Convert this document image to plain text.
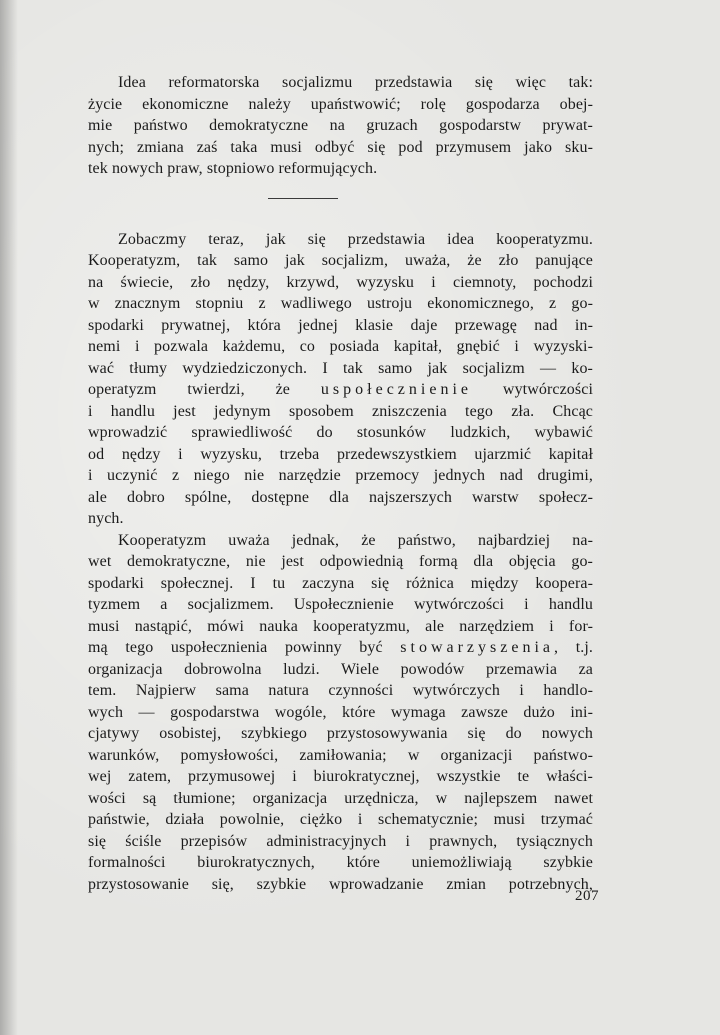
Idea reformatorska socjalizmu przedstawia się więc tak:
życie ekonomiczne należy upaństwowić; rolę gospodarza obej-
mie państwo demokratyczne na gruzach gospodarstw prywat-
nych; zmiana zaś taka musi odbyć się pod przymusem jako sku-
tek nowych praw, stopniowo reformujących.

Zobaczmy teraz, jak się przedstawia idea kooperatyzmu.
Kooperatyzm, tak samo jak socjalizm, uważa, że zło panujące
na świecie, zło nędzy, krzywd, wyzysku i ciemnoty, pochodzi
w znacznym stopniu z wadliwego ustroju ekonomicznego, z go-
spodarki prywatnej, która jednej klasie daje przewagę nad in-
nemi i pozwala każdemu, co posiada kapitał, gnębić i wyzyski-
wać tłumy wydziedziczonych. I tak samo jak socjalizm — ko-
operatyzm twierdzi, że uspołecznienie wytwórczości
i handlu jest jedynym sposobem zniszczenia tego zła. Chcąc
wprowadzić sprawiedliwość do stosunków ludzkich, wybawić
od nędzy i wyzysku, trzeba przedewszystkiem ujarzmić kapitał
i uczynić z niego nie narzędzie przemocy jednych nad drugimi,
ale dobro spólne, dostępne dla najszerszych warstw społecz-
nych.

Kooperatyzm uważa jednak, że państwo, najbardziej na-
wet demokratyczne, nie jest odpowiednią formą dla objęcia go-
spodarki społecznej. I tu zaczyna się różnica między koopera-
tyzmem a socjalizmem. Uspołecznienie wytwórczości i handlu
musi nastąpić, mówi nauka kooperatyzmu, ale narzędziem i for-
mą tego uspołecznienia powinny być stowarzyszenia, t.j.
organizacja dobrowolna ludzi. Wiele powodów przemawia za
tem. Najpierw sama natura czynności wytwórczych i handlo-
wych — gospodarstwa wogóle, które wymaga zawsze dużo ini-
cjatywy osobistej, szybkiego przystosowywania się do nowych
warunków, pomysłowości, zamiłowania; w organizacji państwo-
wej zatem, przymusowej i biurokratycznej, wszystkie te właści-
wości są tłumione; organizacja urzędnicza, w najlepszem nawet
państwie, działa powolnie, ciężko i schematycznie; musi trzymać
się ściśle przepisów administracyjnych i prawnych, tysiącznych
formalności biurokratycznych, które uniemożliwiają szybkie
przystosowanie się, szybkie wprowadzanie zmian potrzebnych,

207
